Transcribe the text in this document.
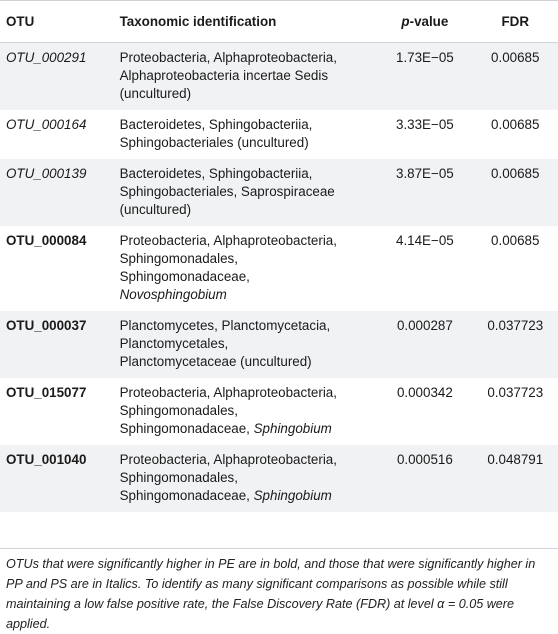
OTU	Taxonomic identification	p-value	FDR
OTU_000291	Proteobacteria, Alphaproteobacteria,
Alphaproteobacteria incertae Sedis
(uncultured)	1.73E−05	0.00685
OTU_000164	Bacteroidetes, Sphingobacteriia,
Sphingobacteriales (uncultured)	3.33E−05	0.00685
OTU_000139	Bacteroidetes, Sphingobacteriia,
Sphingobacteriales, Saprospiraceae
(uncultured)	3.87E−05	0.00685
OTU_000084	Proteobacteria, Alphaproteobacteria,
Sphingomonadales,
Sphingomonadaceae,
Novosphingobium	4.14E−05	0.00685
OTU_000037	Planctomycetes, Planctomycetacia,
Planctomycetales,
Planctomycetaceae (uncultured)	0.000287	0.037723
OTU_015077	Proteobacteria, Alphaproteobacteria,
Sphingomonadales,
Sphingomonadaceae, Sphingobium	0.000342	0.037723
OTU_001040	Proteobacteria, Alphaproteobacteria,
Sphingomonadales,
Sphingomonadaceae, Sphingobium	0.000516	0.048791
OTUs that were significantly higher in PE are in bold, and those that were significantly higher in PP and PS are in Italics. To identify as many significant comparisons as possible while still maintaining a low false positive rate, the False Discovery Rate (FDR) at level α = 0.05 were applied.
